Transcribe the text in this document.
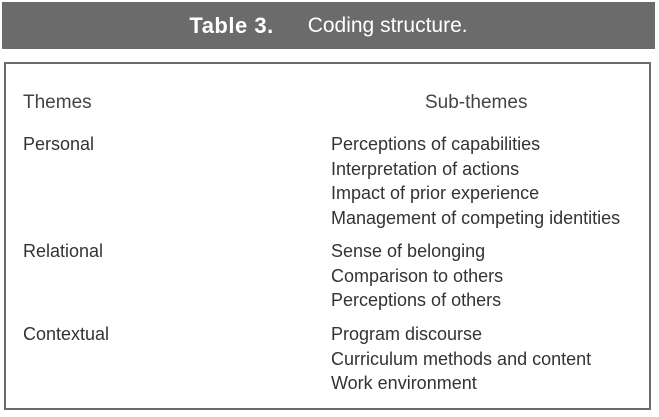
Table 3. Coding structure.
Themes	Sub-themes
Personal	Perceptions of capabilities
Interpretation of actions
Impact of prior experience
Management of competing identities
Relational	Sense of belonging
Comparison to others
Perceptions of others
Contextual	Program discourse
Curriculum methods and content
Work environment
